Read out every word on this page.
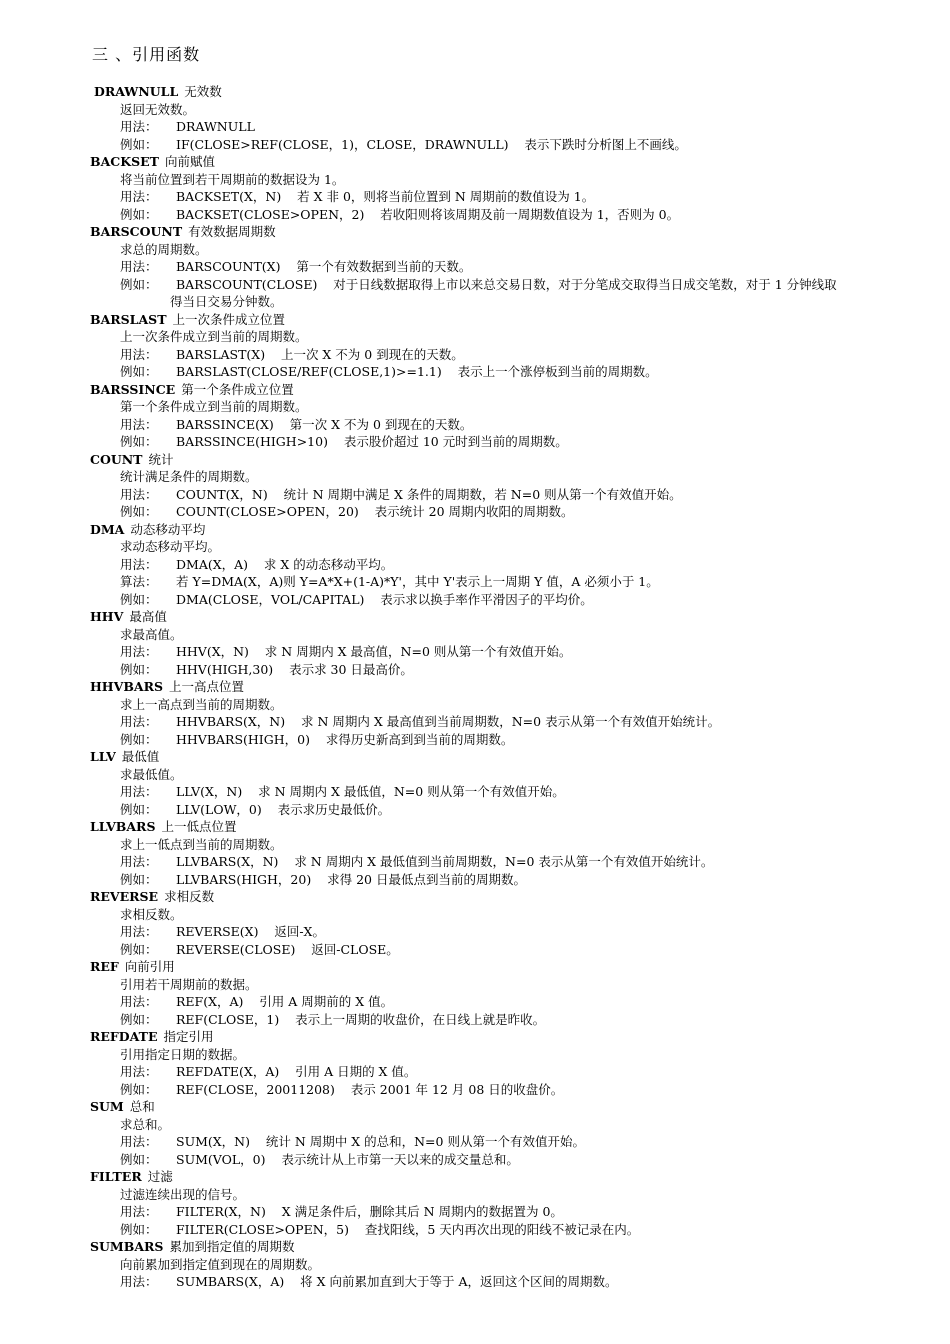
三 、引用函数
DRAWNULL 无效数
返回无效数。
用法： DRAWNULL
例如： IF(CLOSE>REF(CLOSE，1)，CLOSE，DRAWNULL)    表示下跌时分析图上不画线。
BACKSET 向前赋值
将当前位置到若干周期前的数据设为 1。
用法： BACKSET(X，N)    若 X 非 0，则将当前位置到 N 周期前的数值设为 1。
例如： BACKSET(CLOSE>OPEN，2)    若收阳则将该周期及前一周期数值设为 1，否则为 0。
BARSCOUNT 有效数据周期数
求总的周期数。
用法： BARSCOUNT(X)    第一个有效数据到当前的天数。
例如： BARSCOUNT(CLOSE)    对于日线数据取得上市以来总交易日数，对于分笔成交取得当日成交笔数，对于 1 分钟线取
得当日交易分钟数。
BARSLAST 上一次条件成立位置
上一次条件成立到当前的周期数。
用法： BARSLAST(X)    上一次 X 不为 0 到现在的天数。
例如： BARSLAST(CLOSE/REF(CLOSE,1)>=1.1)    表示上一个涨停板到当前的周期数。
BARSSINCE 第一个条件成立位置
第一个条件成立到当前的周期数。
用法： BARSSINCE(X)    第一次 X 不为 0 到现在的天数。
例如： BARSSINCE(HIGH>10)    表示股价超过 10 元时到当前的周期数。
COUNT 统计
统计满足条件的周期数。
用法： COUNT(X，N)    统计 N 周期中满足 X 条件的周期数，若 N=0 则从第一个有效值开始。
例如： COUNT(CLOSE>OPEN，20)    表示统计 20 周期内收阳的周期数。
DMA 动态移动平均
求动态移动平均。
用法： DMA(X，A)    求 X 的动态移动平均。
算法： 若 Y=DMA(X，A)则 Y=A*X+(1-A)*Y'，其中 Y'表示上一周期 Y 值，A 必须小于 1。
例如： DMA(CLOSE，VOL/CAPITAL)    表示求以换手率作平滑因子的平均价。
HHV 最高值
求最高值。
用法： HHV(X，N)    求 N 周期内 X 最高值，N=0 则从第一个有效值开始。
例如： HHV(HIGH,30)    表示求 30 日最高价。
HHVBARS 上一高点位置
求上一高点到当前的周期数。
用法： HHVBARS(X，N)    求 N 周期内 X 最高值到当前周期数，N=0 表示从第一个有效值开始统计。
例如： HHVBARS(HIGH，0)    求得历史新高到到当前的周期数。
LLV 最低值
求最低值。
用法： LLV(X，N)    求 N 周期内 X 最低值，N=0 则从第一个有效值开始。
例如： LLV(LOW，0)    表示求历史最低价。
LLVBARS 上一低点位置
求上一低点到当前的周期数。
用法： LLVBARS(X，N)    求 N 周期内 X 最低值到当前周期数，N=0 表示从第一个有效值开始统计。
例如： LLVBARS(HIGH，20)    求得 20 日最低点到当前的周期数。
REVERSE 求相反数
求相反数。
用法： REVERSE(X)    返回-X。
例如： REVERSE(CLOSE)    返回-CLOSE。
REF 向前引用
引用若干周期前的数据。
用法： REF(X，A)    引用 A 周期前的 X 值。
例如： REF(CLOSE，1)    表示上一周期的收盘价，在日线上就是昨收。
REFDATE 指定引用
引用指定日期的数据。
用法： REFDATE(X，A)    引用 A 日期的 X 值。
例如： REF(CLOSE，20011208)    表示 2001 年 12 月 08 日的收盘价。
SUM 总和
求总和。
用法： SUM(X，N)    统计 N 周期中 X 的总和，N=0 则从第一个有效值开始。
例如： SUM(VOL，0)    表示统计从上市第一天以来的成交量总和。
FILTER 过滤
过滤连续出现的信号。
用法： FILTER(X，N)    X 满足条件后，删除其后 N 周期内的数据置为 0。
例如： FILTER(CLOSE>OPEN，5)    查找阳线，5 天内再次出现的阳线不被记录在内。
SUMBARS 累加到指定值的周期数
向前累加到指定值到现在的周期数。
用法： SUMBARS(X，A)    将 X 向前累加直到大于等于 A，返回这个区间的周期数。
